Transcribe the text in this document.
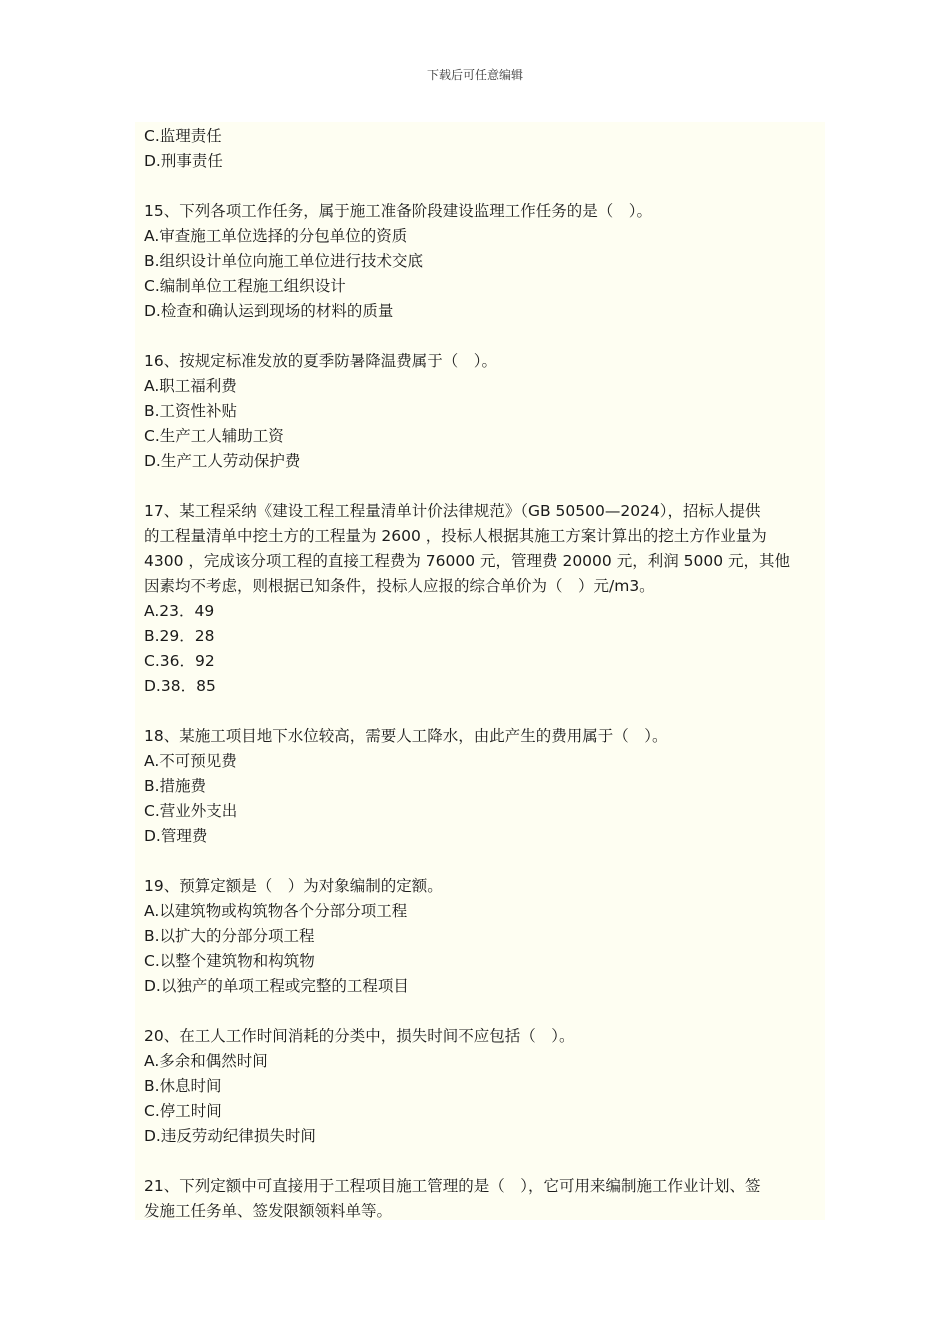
下载后可任意编辑
C.监理责任
D.刑事责任
15、下列各项工作任务，属于施工准备阶段建设监理工作任务的是（　）。
A.审查施工单位选择的分包单位的资质
B.组织设计单位向施工单位进行技术交底
C.编制单位工程施工组织设计
D.检查和确认运到现场的材料的质量
16、按规定标准发放的夏季防暑降温费属于（　）。
A.职工福利费
B.工资性补贴
C.生产工人辅助工资
D.生产工人劳动保护费
17、某工程采纳《建设工程工程量清单计价法律规范》（GB 50500—2024），招标人提供
的工程量清单中挖土方的工程量为 2600 ，投标人根据其施工方案计算出的挖土方作业量为
4300 ，完成该分项工程的直接工程费为 76000 元，管理费 20000 元，利润 5000 元，其他
因素均不考虑，则根据已知条件，投标人应报的综合单价为（　）元/m3。
A.23．49
B.29．28
C.36．92
D.38．85
18、某施工项目地下水位较高，需要人工降水，由此产生的费用属于（　）。
A.不可预见费
B.措施费
C.营业外支出
D.管理费
19、预算定额是（　）为对象编制的定额。
A.以建筑物或构筑物各个分部分项工程
B.以扩大的分部分项工程
C.以整个建筑物和构筑物
D.以独产的单项工程或完整的工程项目
20、在工人工作时间消耗的分类中，损失时间不应包括（　）。
A.多余和偶然时间
B.休息时间
C.停工时间
D.违反劳动纪律损失时间
21、下列定额中可直接用于工程项目施工管理的是（　），它可用来编制施工作业计划、签
发施工任务单、签发限额领料单等。
